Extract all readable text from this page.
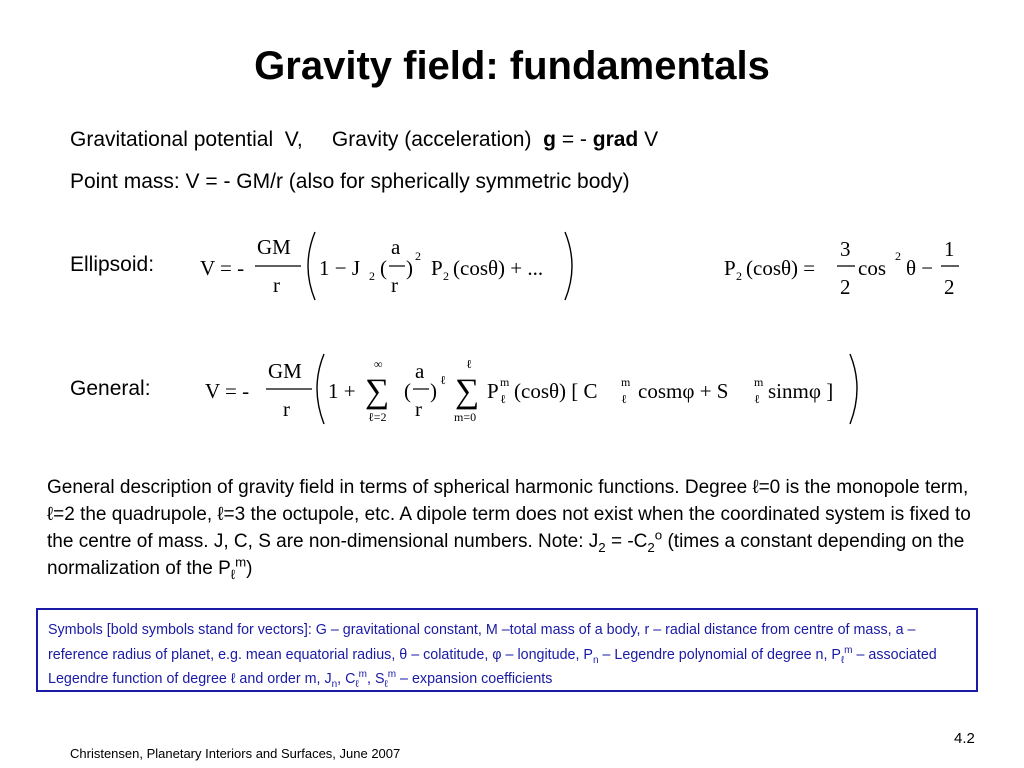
Gravity field: fundamentals
Gravitational potential V, Gravity (acceleration) g = - grad V
Point mass: V = - GM/r (also for spherically symmetric body)
Ellipsoid: V = -
GM
r
1 − J 2 (
a
r
) 2 P 2 (cosθ) + ...	P 2 (cosθ) =
3
2
cos 2 θ −
1
2
General:	V = -
GM
r
1 +
∞
∑
ℓ=2
(
a
r
) ℓ
ℓ
∑
m=0
P m
ℓ (cosθ) [ C m
ℓ cosmφ + S m
ℓ sinmφ ]
General description of gravity field in terms of spherical harmonic functions. Degree ℓ=0 is the monopole term, ℓ=2 the quadrupole, ℓ=3 the octupole, etc. A dipole term does not exist when the coordinated system is fixed to the centre of mass. J, C, S are non-dimensional numbers. Note: $J_2 = -C_2^o$ (times a constant depending on the normalization of the $P_\ell^m$)
Symbols [bold symbols stand for vectors]: G – gravitational constant, M –total mass of a body, r – radial distance from centre of mass, a – reference radius of planet, e.g. mean equatorial radius, θ – colatitude, φ – longitude, $P_n$ – Legendre polynomial of degree n, $P_\ell^m$ – associated Legendre function of degree ℓ and order m, $J_n$, $C_\ell^m$, $S_\ell^m$ – expansion coefficients
Christensen, Planetary Interiors and Surfaces, June 2007
4.2
